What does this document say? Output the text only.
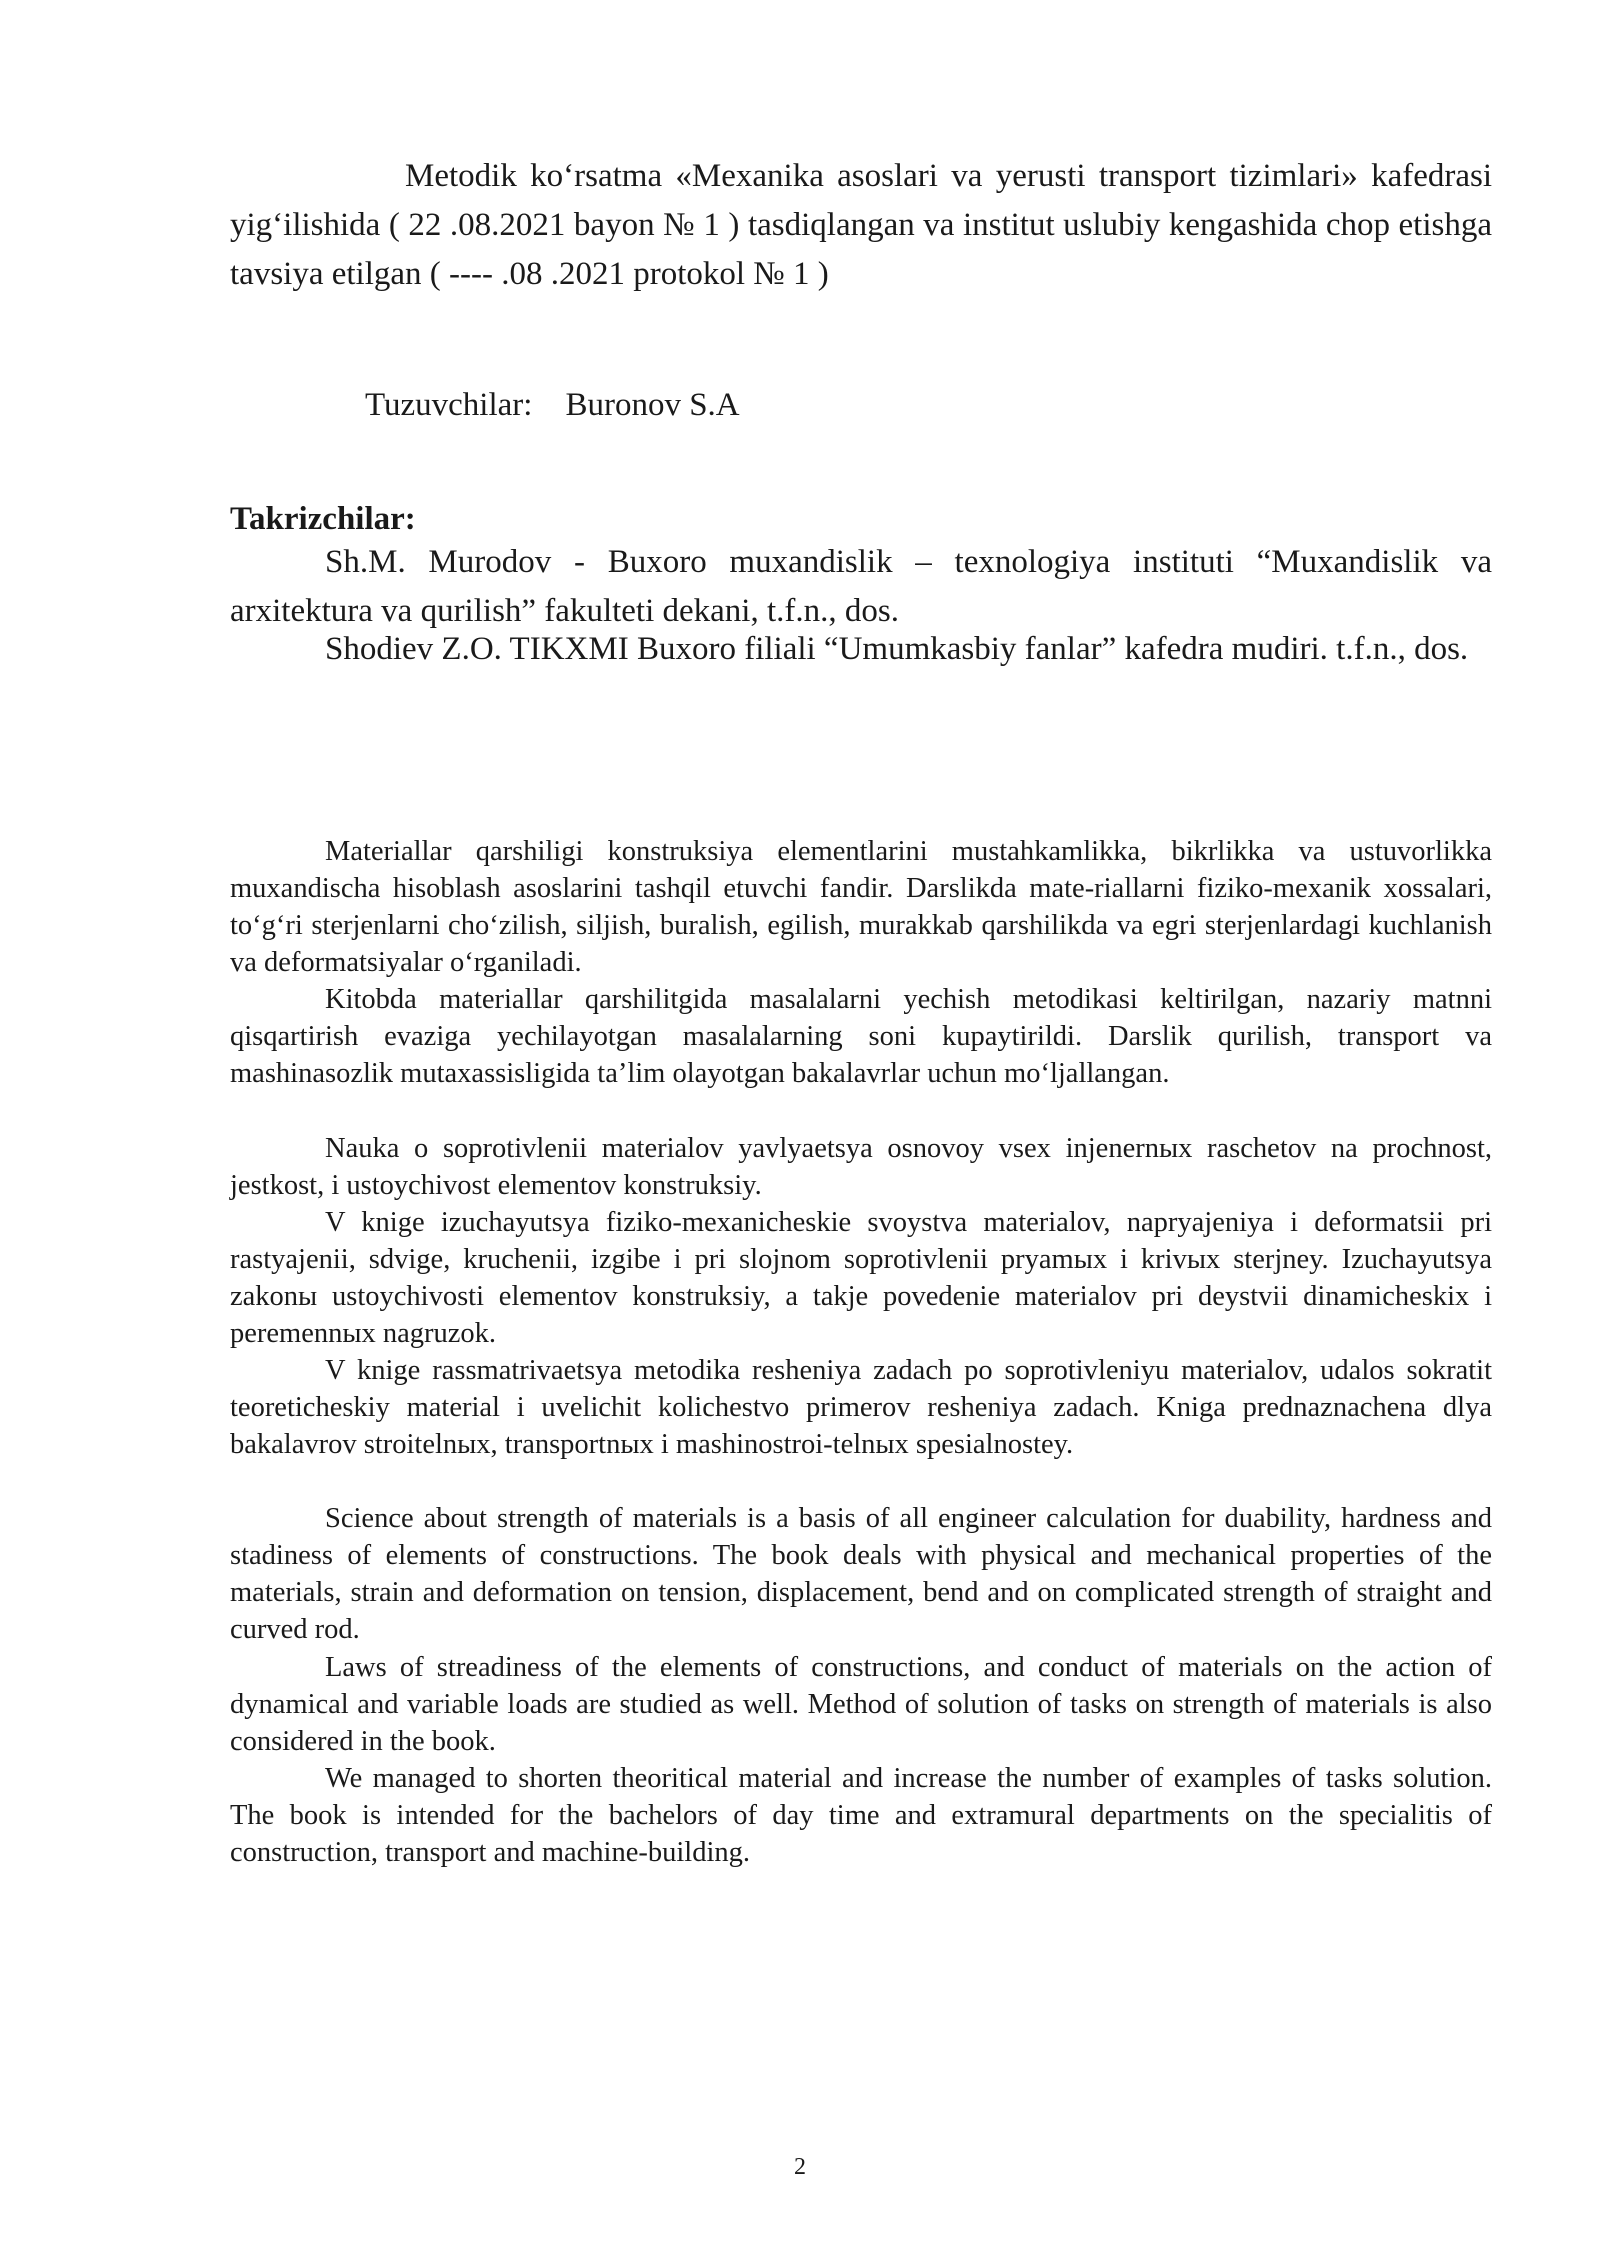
Metodik koʻrsatma «Mexanika asoslari va yerusti transport tizimlari» kafedrasi yigʻilishida ( 22 .08.2021 bayon № 1 ) tasdiqlangan va institut uslubiy kengashida chop etishga tavsiya etilgan ( ---- .08 .2021 protokol № 1 )

Tuzuvchilar: Buronov S.A

Takrizchilar:

Sh.M. Murodov - Buxoro muxandislik – texnologiya instituti “Muxandislik va arxitektura va qurilish” fakulteti dekani, t.f.n., dos.

Shodiev Z.O. TIKXMI Buxoro filiali “Umumkasbiy fanlar” kafedra mudiri. t.f.n., dos.

Materiallar qarshiligi konstruksiya elementlarini mustahkamlikka, bikrlikka va ustuvorlikka muxandischa hisoblash asoslarini tashqil etuvchi fandir. Darslikda mate-riallarni fiziko-mexanik xossalari, toʻgʻri sterjenlarni choʻzilish, siljish, buralish, egilish, murakkab qarshilikda va egri sterjenlardagi kuchlanish va deformatsiyalar oʻrganiladi.

Kitobda materiallar qarshilitgida masalalarni yechish metodikasi keltirilgan, nazariy matnni qisqartirish evaziga yechilayotgan masalalarning soni kupaytirildi. Darslik qurilish, transport va mashinasozlik mutaxassisligida taʼlim olayotgan bakalavrlar uchun moʻljallangan.

Nauka o soprotivlenii materialov yavlyaetsya osnovoy vsex injenernых raschetov na prochnost, jestkost, i ustoychivost elementov konstruksiy.

V knige izuchayutsya fiziko-mexanicheskie svoystva materialov, napryajeniya i deformatsii pri rastyajenii, sdvige, kruchenii, izgibe i pri slojnom soprotivlenii pryamых i krivых sterjney. Izuchayutsya zakonы ustoychivosti elementov konstruksiy, a takje povedenie materialov pri deystvii dinamicheskix i peremennых nagruzok.

V knige rassmatrivaetsya metodika resheniya zadach po soprotivleniyu materialov, udalos sokratit teoreticheskiy material i uvelichit kolichestvo primerov resheniya zadach. Kniga prednaznachena dlya bakalavrov stroitelnых, transportnых i mashinostroi-telnых spesialnostey.

Science about strength of materials is a basis of all engineer calculation for duability, hardness and stadiness of elements of constructions. The book deals with physical and mechanical properties of the materials, strain and deformation on tension, displacement, bend and on complicated strength of straight and curved rod.

Laws of streadiness of the elements of constructions, and conduct of materials on the action of dynamical and variable loads are studied as well. Method of solution of tasks on strength of materials is also considered in the book.

We managed to shorten theoritical material and increase the number of examples of tasks solution. The book is intended for the bachelors of day time and extramural departments on the specialitis of construction, transport and machine-building.

2
